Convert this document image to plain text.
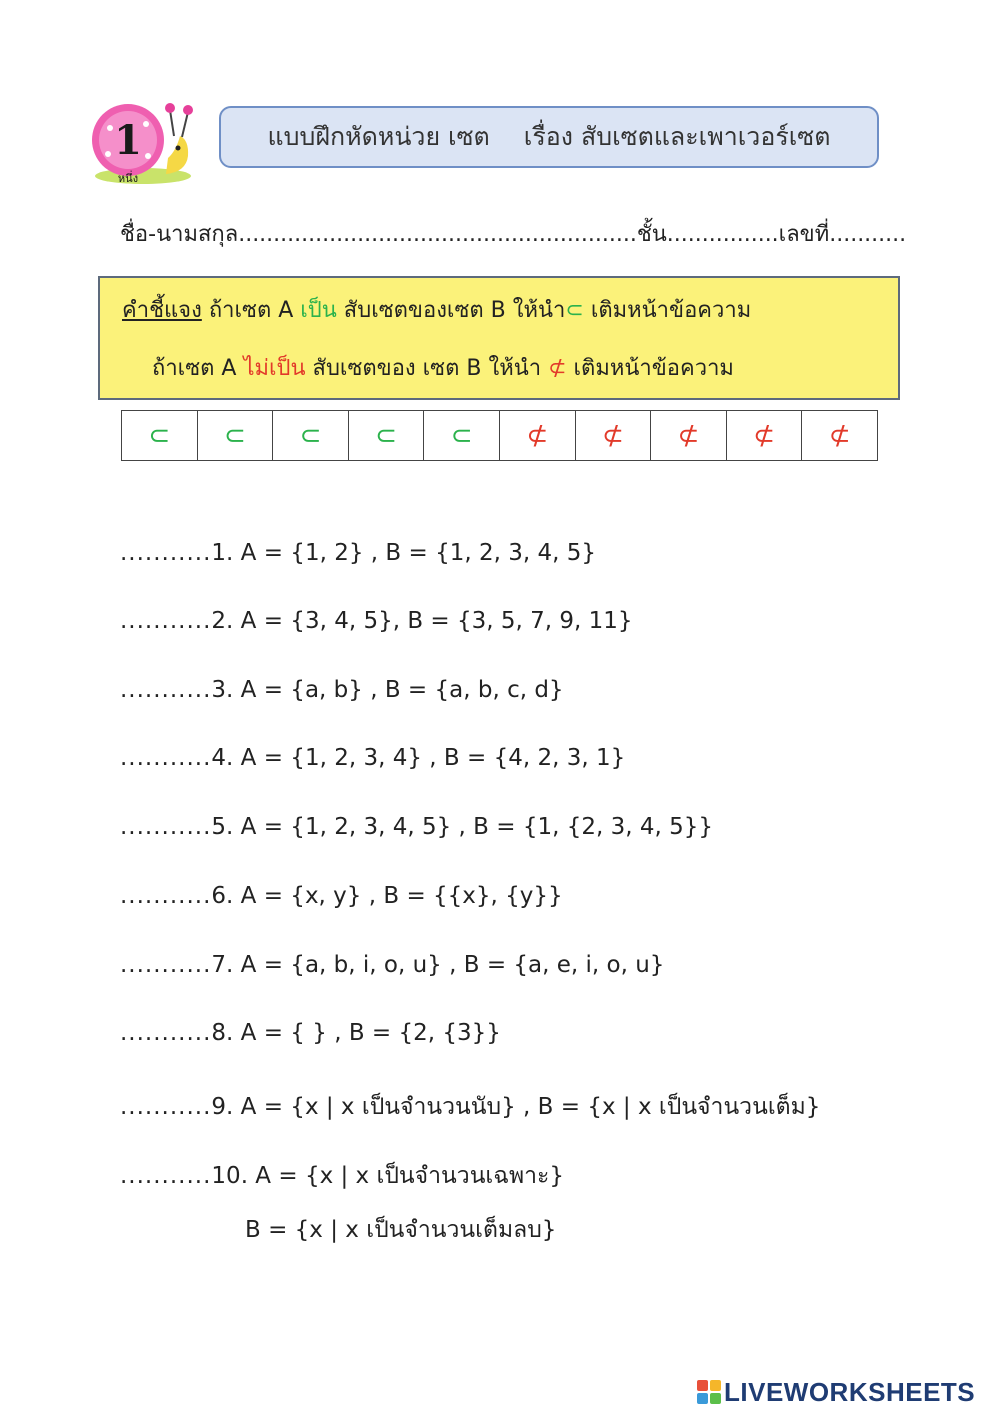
1
หนึ่ง
แบบฝึกหัดหน่วย เซต เรื่อง สับเซตและเพาเวอร์เซต
ชื่อ-นามสกุล.........................................................ชั้น................เลขที่...........
คำชี้แจง ถ้าเซต A เป็น สับเซตของเซต B ให้นำ⊂ เติมหน้าข้อความ
ถ้าเซต A ไม่เป็น สับเซตของ เซต B ให้นำ ⊄ เติมหน้าข้อความ
⊂	⊂	⊂	⊂	⊂	⊄	⊄	⊄	⊄	⊄
...........1. A = {1, 2} , B = {1, 2, 3, 4, 5}
...........2. A = {3, 4, 5}, B = {3, 5, 7, 9, 11}
...........3. A = {a, b} , B = {a, b, c, d}
...........4. A = {1, 2, 3, 4} , B = {4, 2, 3, 1}
...........5. A = {1, 2, 3, 4, 5} , B = {1, {2, 3, 4, 5}}
...........6. A = {x, y} , B = {{x}, {y}}
...........7. A = {a, b, i, o, u} , B = {a, e, i, o, u}
...........8. A = { } , B = {2, {3}}
...........9. A = {x | x เป็นจำนวนนับ} , B = {x | x เป็นจำนวนเต็ม}
...........10. A = {x | x เป็นจำนวนเฉพาะ}
B = {x | x เป็นจำนวนเต็มลบ}
LIVEWORKSHEETS
